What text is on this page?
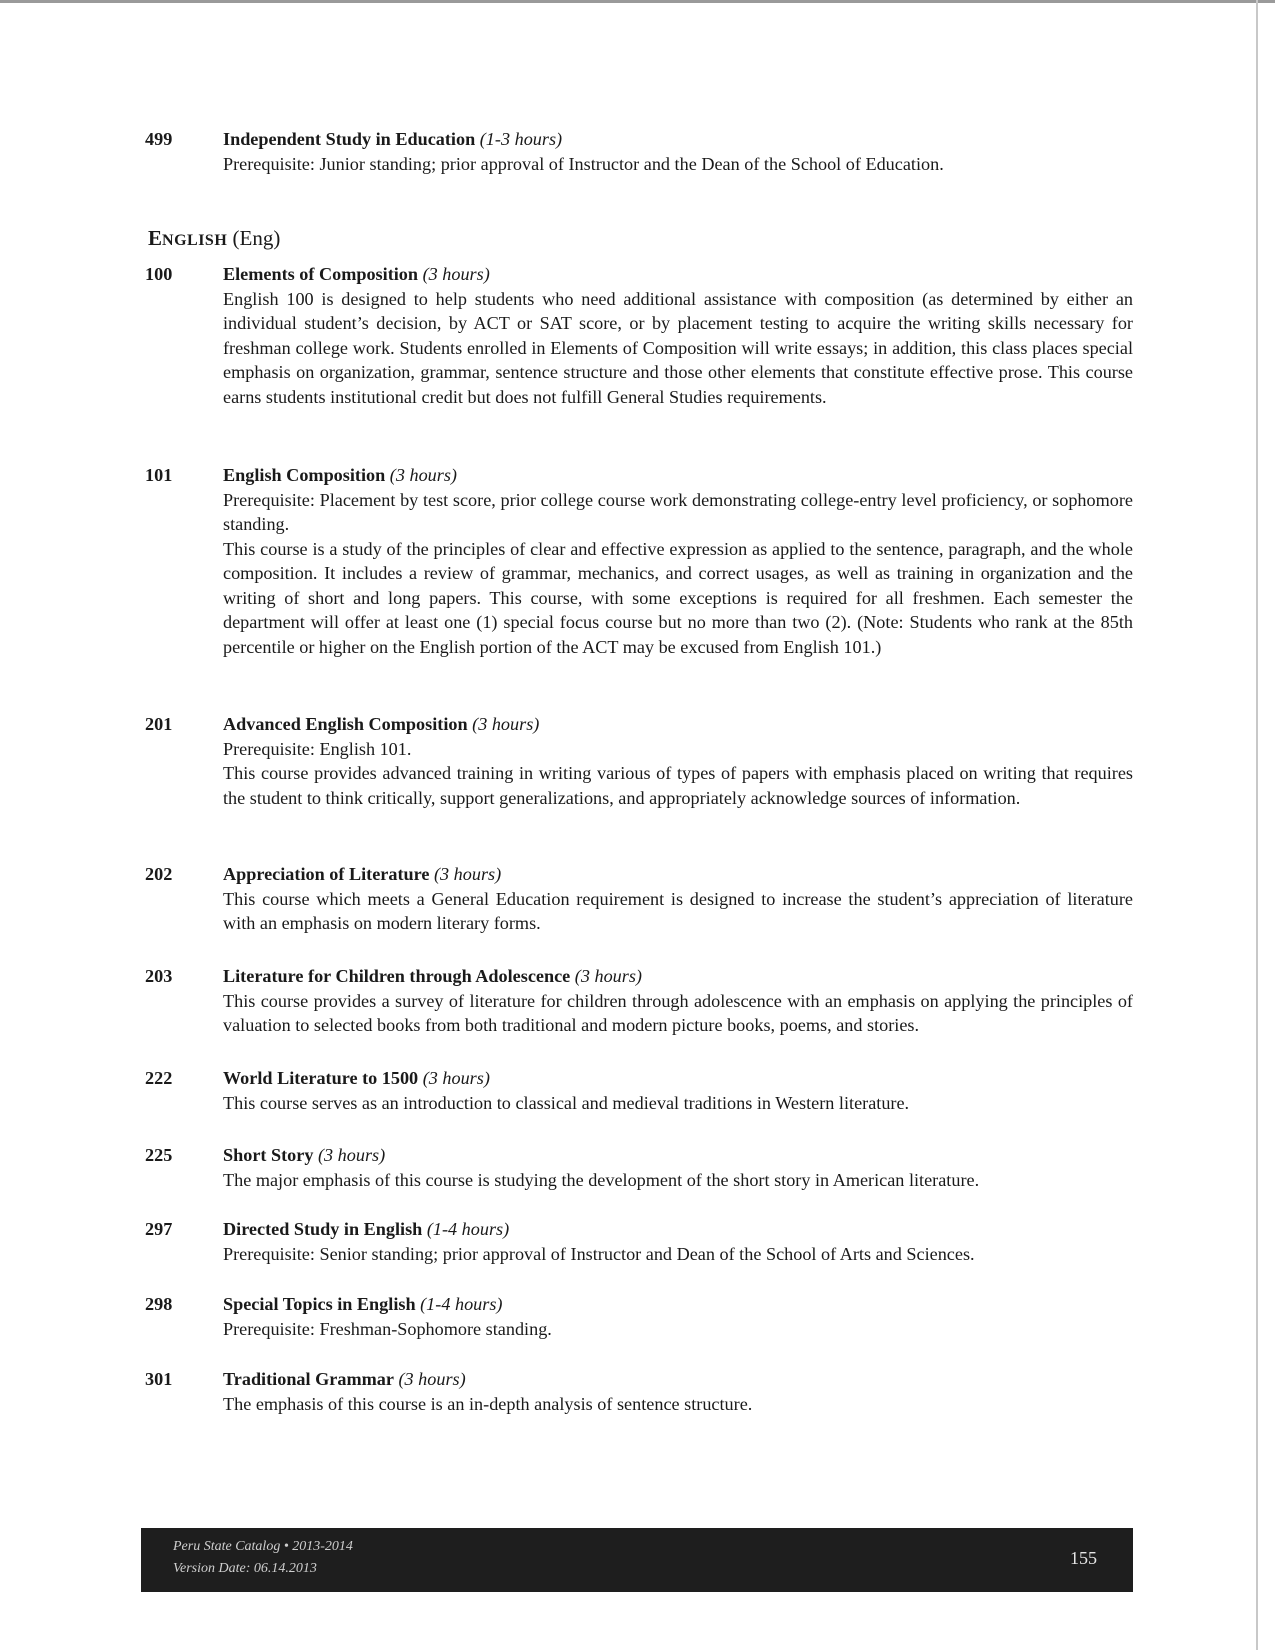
499	Independent Study in Education (1-3 hours)

Prerequisite: Junior standing; prior approval of Instructor and the Dean of the School of Education.

ENGLISH (Eng)
100	Elements of Composition (3 hours)

English 100 is designed to help students who need additional assistance with composition (as determined by either an individual student’s decision, by ACT or SAT score, or by placement testing to acquire the writing skills necessary for freshman college work. Students enrolled in Elements of Composition will write essays; in addition, this class places special emphasis on organization, grammar, sentence structure and those other elements that constitute effective prose. This course earns students institutional credit but does not fulfill General Studies requirements.

101	English Composition (3 hours)

Prerequisite: Placement by test score, prior college course work demonstrating college-entry level proficiency, or sophomore standing.

This course is a study of the principles of clear and effective expression as applied to the sentence, paragraph, and the whole composition. It includes a review of grammar, mechanics, and correct usages, as well as training in organization and the writing of short and long papers. This course, with some exceptions is required for all freshmen. Each semester the department will offer at least one (1) special focus course but no more than two (2). (Note: Students who rank at the 85th percentile or higher on the English portion of the ACT may be excused from English 101.)

201	Advanced English Composition (3 hours)

Prerequisite: English 101.

This course provides advanced training in writing various of types of papers with emphasis placed on writing that requires the student to think critically, support generalizations, and appropriately acknowledge sources of information.

202	Appreciation of Literature (3 hours)

This course which meets a General Education requirement is designed to increase the student’s appreciation of literature with an emphasis on modern literary forms.

203	Literature for Children through Adolescence (3 hours)

This course provides a survey of literature for children through adolescence with an emphasis on applying the principles of valuation to selected books from both traditional and modern picture books, poems, and stories.

222	World Literature to 1500 (3 hours)

This course serves as an introduction to classical and medieval traditions in Western literature.

225	Short Story (3 hours)

The major emphasis of this course is studying the development of the short story in American literature.

297	Directed Study in English (1-4 hours)

Prerequisite: Senior standing; prior approval of Instructor and Dean of the School of Arts and Sciences.

298	Special Topics in English (1-4 hours)

Prerequisite: Freshman-Sophomore standing.

301	Traditional Grammar (3 hours)

The emphasis of this course is an in-depth analysis of sentence structure.

Peru State Catalog • 2013-2014
Version Date: 06.14.2013
155
